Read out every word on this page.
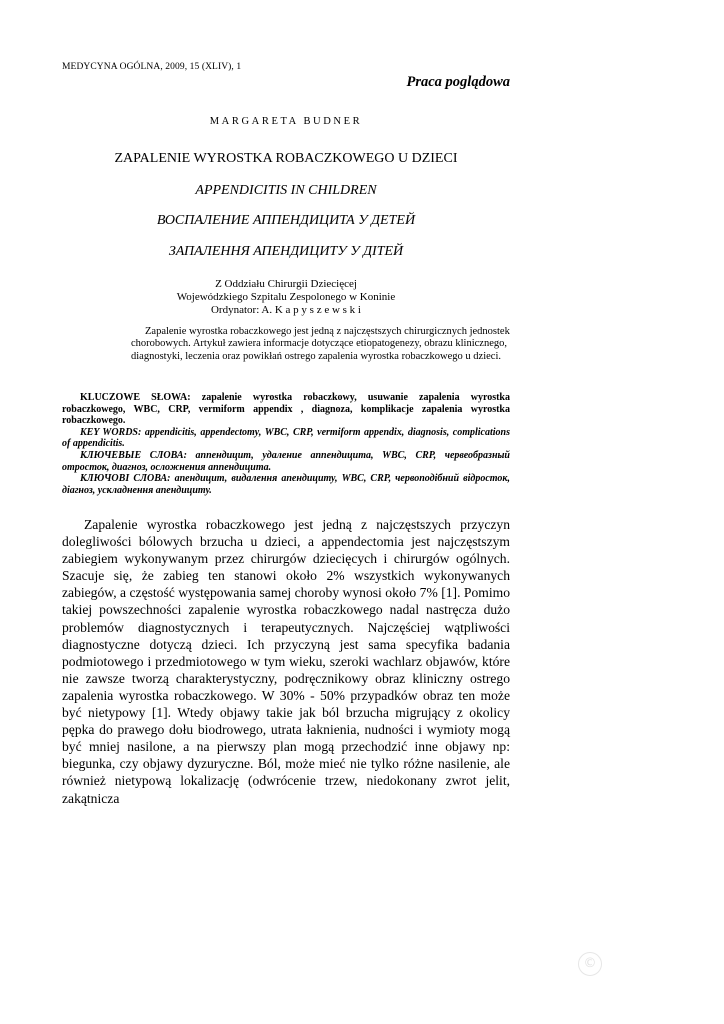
MEDYCYNA OGÓLNA, 2009, 15 (XLIV), 1
Praca poglądowa
MARGARETA BUDNER
ZAPALENIE WYROSTKA ROBACZKOWEGO U DZIECI
APPENDICITIS IN CHILDREN
ВОСПАЛЕНИЕ АППЕНДИЦИТА У ДЕТЕЙ
ЗАПАЛЕННЯ АПЕНДИЦИТУ У ДІТЕЙ
Z Oddziału Chirurgii Dziecięcej
Wojewódzkiego Szpitalu Zespolonego w Koninie
Ordynator: A. K a p y s z e w s k i
Zapalenie wyrostka robaczkowego jest jedną z najczęstszych chirurgicznych jednostek chorobowych. Artykuł zawiera informacje dotyczące etiopatogenezy, obrazu klinicznego, diagnostyki, leczenia oraz powikłań ostrego zapalenia wyrostka robaczkowego u dzieci.

KLUCZOWE SŁOWA: zapalenie wyrostka robaczkowy, usuwanie zapalenia wyrostka robaczkowego, WBC, CRP, vermiform appendix , diagnoza, komplikacje zapalenia wyrostka robaczkowego.

KEY WORDS: appendicitis, appendectomy, WBC, CRP, vermiform appendix, diagnosis, complications of appendicitis.

КЛЮЧЕВЫЕ СЛОВА: аппендицит, удаление аппендицита, WBC, CRP, червеобразный отросток, диагноз, осложнения аппендицита.

КЛЮЧОВІ СЛОВА: апендицит, видалення апендициту, WBC, CRP, червоподібний відросток, діагноз, ускладнення апендициту.

Zapalenie wyrostka robaczkowego jest jedną z najczęstszych przyczyn dolegliwości bólowych brzucha u dzieci, a appendectomia jest najczęstszym zabiegiem wykonywanym przez chirurgów dziecięcych i chirurgów ogólnych. Szacuje się, że zabieg ten stanowi około 2% wszystkich wykonywanych zabiegów, a częstość występowania samej choroby wynosi około 7% [1]. Pomimo takiej powszechności zapalenie wyrostka robaczkowego nadal nastręcza dużo problemów diagnostycznych i terapeutycznych. Najczęściej wątpliwości diagnostyczne dotyczą dzieci. Ich przyczyną jest sama specyfika badania podmiotowego i przedmiotowego w tym wieku, szeroki wachlarz objawów, które nie zawsze tworzą charakterystyczny, podręcznikowy obraz kliniczny ostrego zapalenia wyrostka robaczkowego. W 30% - 50% przypadków obraz ten może być nietypowy [1]. Wtedy objawy takie jak ból brzucha migrujący z okolicy pępka do prawego dołu biodrowego, utrata łaknienia, nudności i wymioty mogą być mniej nasilone, a na pierwszy plan mogą przechodzić inne objawy np: biegunka, czy objawy dyzuryczne. Ból, może mieć nie tylko różne nasilenie, ale również nietypową lokalizację (odwrócenie trzew, niedokonany zwrot jelit, zakątnicza

©
